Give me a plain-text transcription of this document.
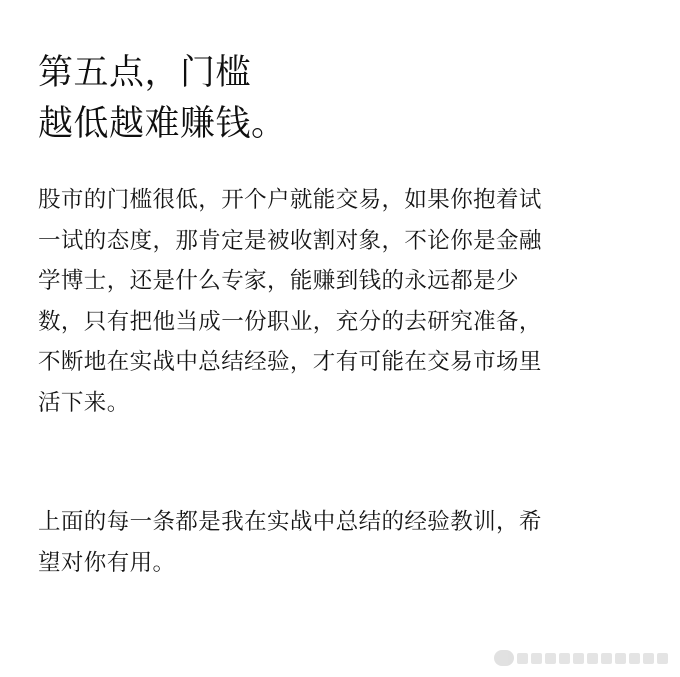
第五点，门槛
越低越难赚钱。

股市的门槛很低，开个户就能交易，如果你抱着试
一试的态度，那肯定是被收割对象，不论你是金融
学博士，还是什么专家，能赚到钱的永远都是少
数，只有把他当成一份职业，充分的去研究准备，
不断地在实战中总结经验，才有可能在交易市场里
活下来。

上面的每一条都是我在实战中总结的经验教训，希
望对你有用。
